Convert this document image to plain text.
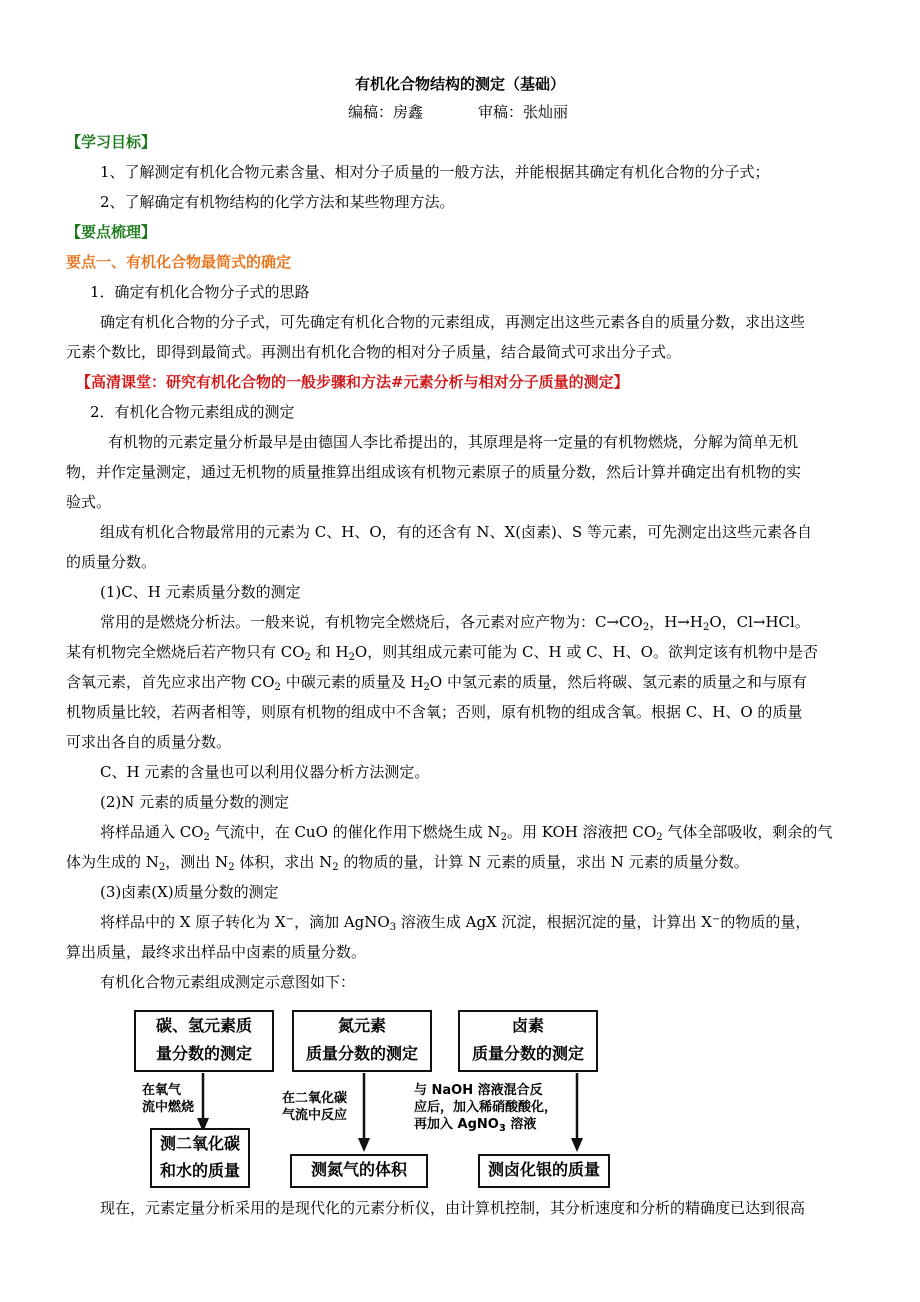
有机化合物结构的测定（基础）
编稿：房鑫	审稿：张灿丽
【学习目标】
1、了解测定有机化合物元素含量、相对分子质量的一般方法，并能根据其确定有机化合物的分子式；
2、了解确定有机物结构的化学方法和某些物理方法。
【要点梳理】
要点一、有机化合物最简式的确定
1．确定有机化合物分子式的思路
确定有机化合物的分子式，可先确定有机化合物的元素组成，再测定出这些元素各自的质量分数，求出这些
元素个数比，即得到最简式。再测出有机化合物的相对分子质量，结合最简式可求出分子式。
【高清课堂：研究有机化合物的一般步骤和方法#元素分析与相对分子质量的测定】
2．有机化合物元素组成的测定
有机物的元素定量分析最早是由德国人李比希提出的，其原理是将一定量的有机物燃烧，分解为简单无机
物，并作定量测定，通过无机物的质量推算出组成该有机物元素原子的质量分数，然后计算并确定出有机物的实
验式。
组成有机化合物最常用的元素为 C、H、O，有的还含有 N、X(卤素)、S 等元素，可先测定出这些元素各自
的质量分数。
(1)C、H 元素质量分数的测定
常用的是燃烧分析法。一般来说，有机物完全燃烧后，各元素对应产物为：$C\to CO_2$，$H\to H_2O$，Cl→HCl。
某有机物完全燃烧后若产物只有 $CO_2$ 和 $H_2O$，则其组成元素可能为 C、H 或 C、H、O。欲判定该有机物中是否
含氧元素，首先应求出产物 $CO_2$ 中碳元素的质量及 $H_2O$ 中氢元素的质量，然后将碳、氢元素的质量之和与原有
机物质量比较，若两者相等，则原有机物的组成中不含氧；否则，原有机物的组成含氧。根据 C、H、O 的质量
可求出各自的质量分数。
C、H 元素的含量也可以利用仪器分析方法测定。
(2)N 元素的质量分数的测定
将样品通入 $CO_2$ 气流中，在 CuO 的催化作用下燃烧生成 $N_2$。用 KOH 溶液把 $CO_2$ 气体全部吸收，剩余的气
体为生成的 $N_2$，测出 $N_2$ 体积，求出 $N_2$ 的物质的量，计算 N 元素的质量，求出 N 元素的质量分数。
(3)卤素(X)质量分数的测定
将样品中的 X 原子转化为 X−，滴加 AgNO$_3$ 溶液生成 AgX 沉淀，根据沉淀的量，计算出 X−的物质的量，
算出质量，最终求出样品中卤素的质量分数。
有机化合物元素组成测定示意图如下：
碳、氢元素质
量分数的测定
氮元素
质量分数的测定
卤素
质量分数的测定
在氧气
流中燃烧
在二氧化碳
气流中反应
与 NaOH 溶液混合反
应后，加入稀硝酸酸化，
再加入 AgNO$_3$ 溶液
测二氧化碳
和水的质量	测氮气的体积	测卤化银的质量
现在，元素定量分析采用的是现代化的元素分析仪，由计算机控制，其分析速度和分析的精确度已达到很高
